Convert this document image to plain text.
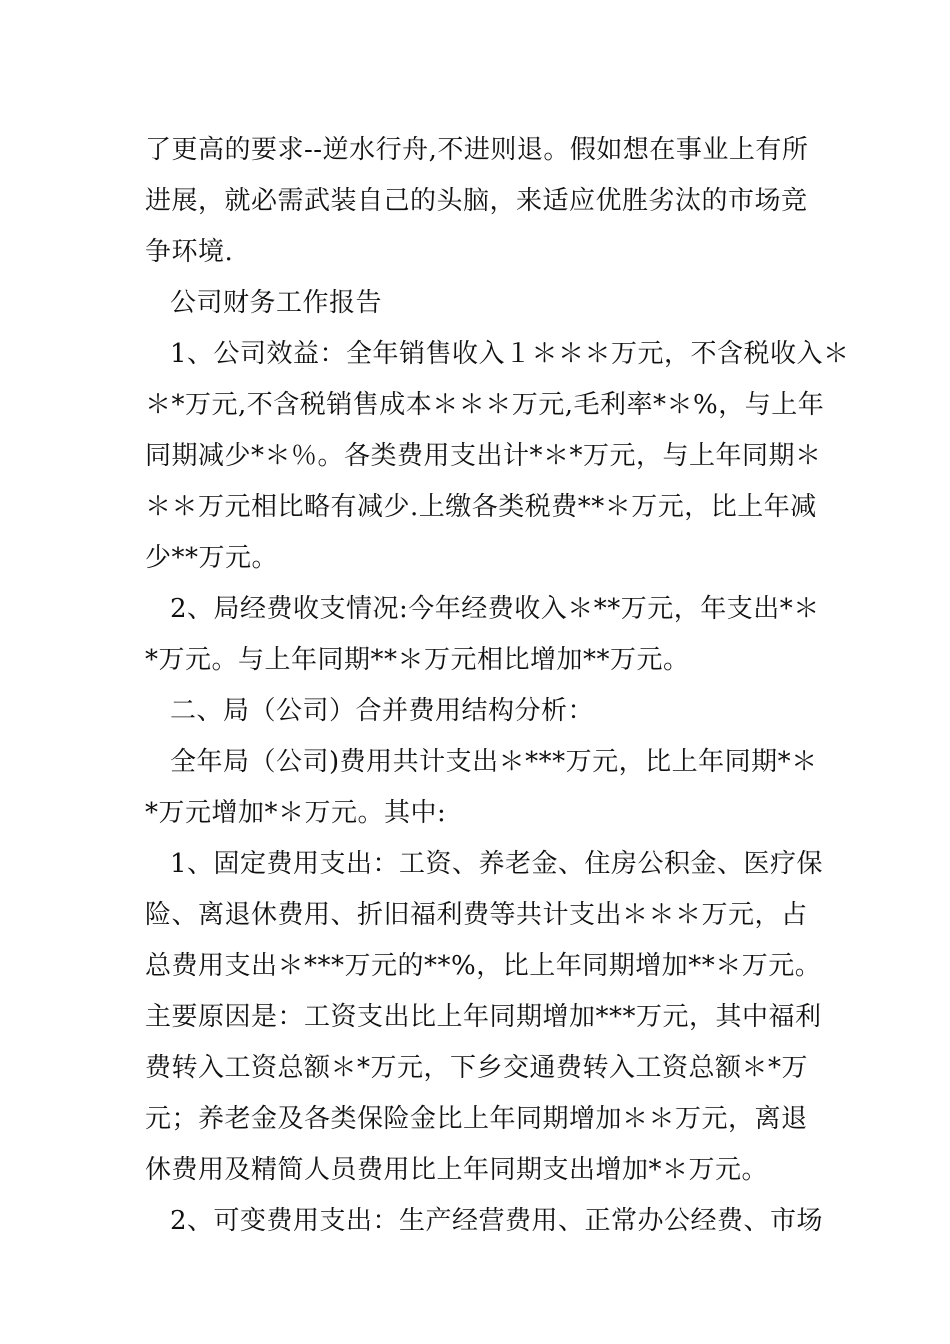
了更高的要求--逆水行舟,不进则退。假如想在事业上有所
进展，就必需武装自己的头脑，来适应优胜劣汰的市场竞
争环境.
公司财务工作报告
1、公司效益：全年销售收入１＊＊＊万元，不含税收入＊
＊*万元,不含税销售成本＊＊＊万元,毛利率*＊%，与上年
同期减少*＊％。各类费用支出计*＊*万元，与上年同期＊
＊＊万元相比略有减少.上缴各类税费**＊万元，比上年减
少**万元。
2、局经费收支情况:今年经费收入＊**万元，年支出*＊
*万元。与上年同期**＊万元相比增加**万元。
二、局（公司）合并费用结构分析：
全年局（公司)费用共计支出＊***万元，比上年同期*＊
*万元增加*＊万元。其中:
1、固定费用支出：工资、养老金、住房公积金、医疗保
险、离退休费用、折旧福利费等共计支出＊＊＊万元，占
总费用支出＊***万元的**%，比上年同期增加**＊万元。
主要原因是：工资支出比上年同期增加***万元，其中福利
费转入工资总额＊*万元，下乡交通费转入工资总额＊*万
元；养老金及各类保险金比上年同期增加＊＊万元，离退
休费用及精简人员费用比上年同期支出增加*＊万元。
2、可变费用支出：生产经营费用、正常办公经费、市场
